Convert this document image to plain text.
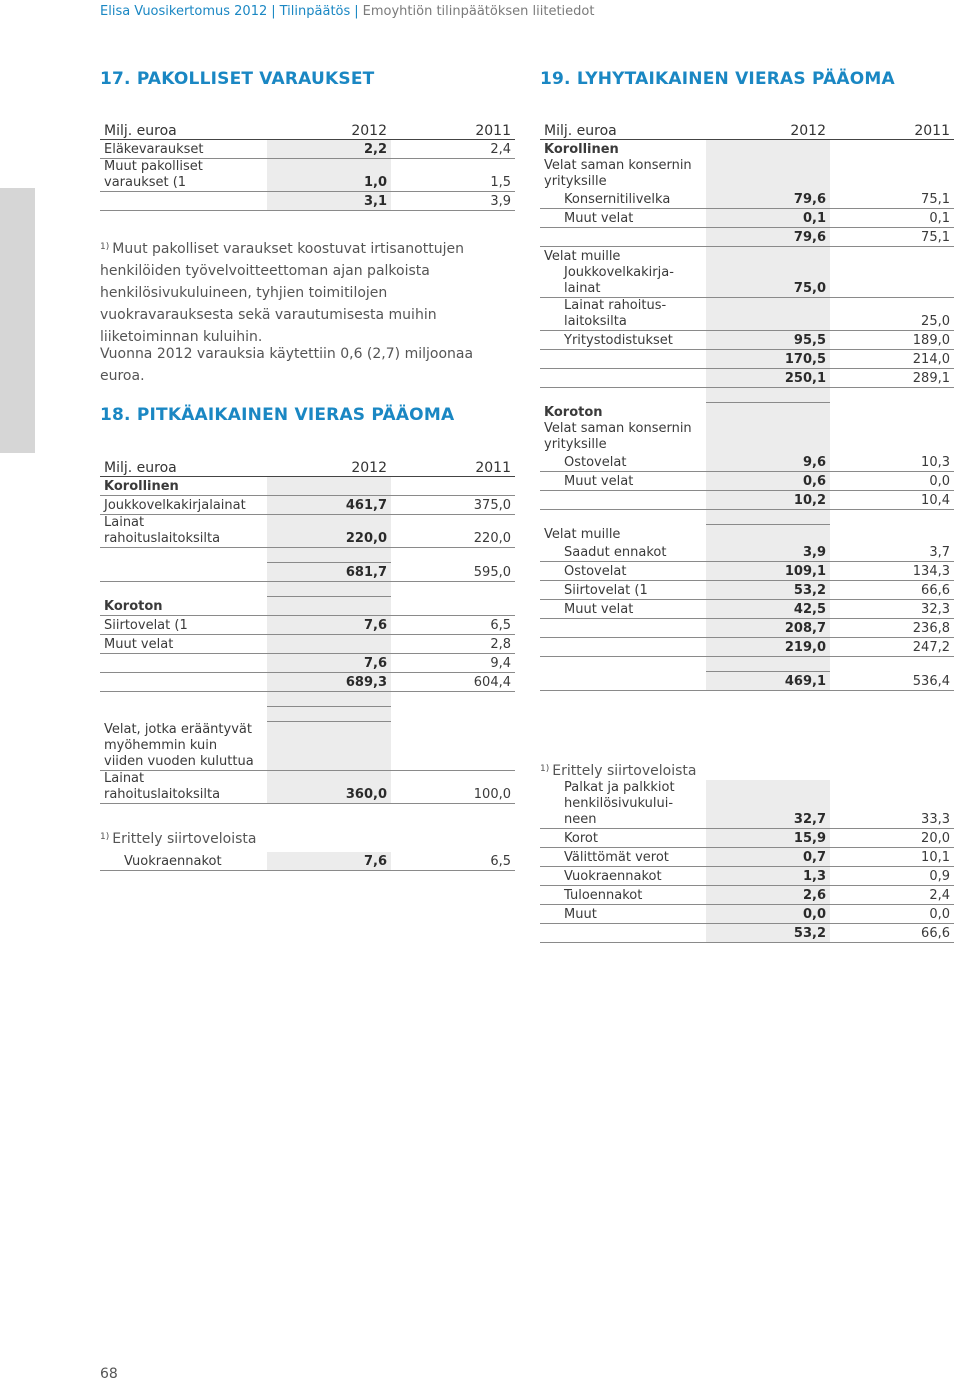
Elisa Vuosikertomus 2012 | Tilinpäätös | Emoyhtiön tilinpäätöksen liitetiedot
17. PAKOLLISET VARAUKSET
Milj. euroa	2012	2011
Eläkevaraukset	2,2	2,4
Muut pakolliset
varaukset (1	1,0	1,5
	3,1	3,9
$^{1)}$ Muut pakolliset varaukset koostuvat irtisanottujen henkilöiden työvelvoitteettoman ajan palkoista henkilösivukuluineen, tyhjien toimitilojen vuokravarauksesta sekä varautumisesta muihin liiketoiminnan kuluihin.
Vuonna 2012 varauksia käytettiin 0,6 (2,7) miljoonaa euroa.
18. PITKÄAIKAINEN VIERAS PÄÄOMA
Milj. euroa	2012	2011
Korollinen		
Joukkovelkakirjalainat	461,7	375,0
Lainat
rahoituslaitoksilta	220,0	220,0

	681,7	595,0

Koroton		
Siirtovelat (1	7,6	6,5
Muut velat		2,8
	7,6	9,4
	689,3	604,4

Velat, jotka erääntyvät
myöhemmin kuin
viiden vuoden kuluttua		
Lainat
rahoituslaitoksilta	360,0	100,0
$^{1)}$ Erittely siirtoveloista
Vuokraennakot	7,6	6,5
19. LYHYTAIKAINEN VIERAS PÄÄOMA
Milj. euroa	2012	2011
Korollinen		
Velat saman konsernin
yrityksille		
Konsernitilivelka	79,6	75,1
Muut velat	0,1	0,1
	79,6	75,1
Velat muille		
Joukkovelkakirja-
lainat	75,0	
Lainat rahoitus-
laitoksilta		25,0
Yritystodistukset	95,5	189,0
	170,5	214,0
	250,1	289,1

Koroton		
Velat saman konsernin
yrityksille		
Ostovelat	9,6	10,3
Muut velat	0,6	0,0
	10,2	10,4

Velat muille		
Saadut ennakot	3,9	3,7
Ostovelat	109,1	134,3
Siirtovelat (1	53,2	66,6
Muut velat	42,5	32,3
	208,7	236,8
	219,0	247,2

	469,1	536,4
$^{1)}$ Erittely siirtoveloista
Palkat ja palkkiot
henkilösivukului-
neen	32,7	33,3
Korot	15,9	20,0
Välittömät verot	0,7	10,1
Vuokraennakot	1,3	0,9
Tuloennakot	2,6	2,4
Muut	0,0	0,0
	53,2	66,6
68
